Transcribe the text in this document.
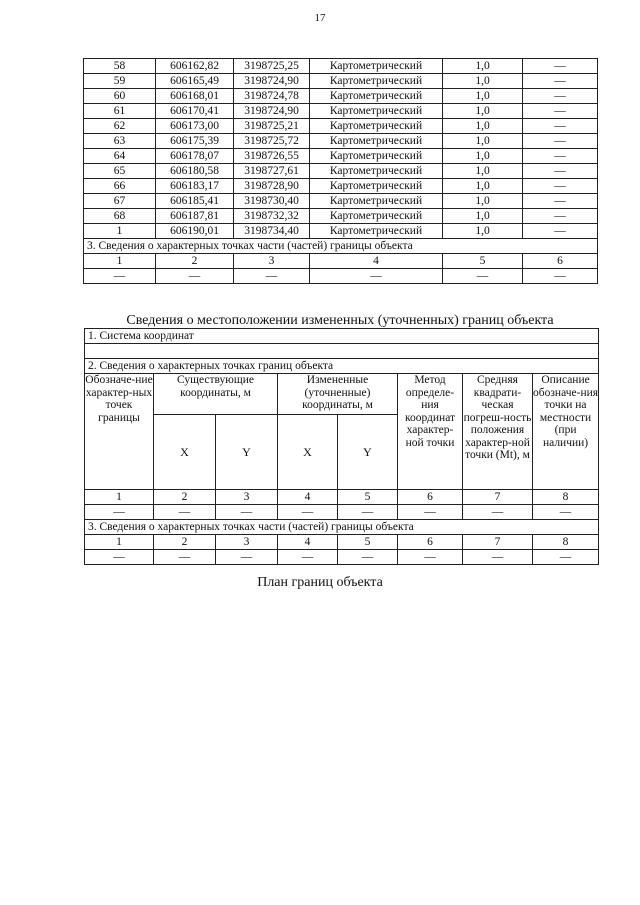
17
58	606162,82	3198725,25	Картометрический	1,0	—
59	606165,49	3198724,90	Картометрический	1,0	—
60	606168,01	3198724,78	Картометрический	1,0	—
61	606170,41	3198724,90	Картометрический	1,0	—
62	606173,00	3198725,21	Картометрический	1,0	—
63	606175,39	3198725,72	Картометрический	1,0	—
64	606178,07	3198726,55	Картометрический	1,0	—
65	606180,58	3198727,61	Картометрический	1,0	—
66	606183,17	3198728,90	Картометрический	1,0	—
67	606185,41	3198730,40	Картометрический	1,0	—
68	606187,81	3198732,32	Картометрический	1,0	—
1	606190,01	3198734,40	Картометрический	1,0	—
3. Сведения о характерных точках части (частей) границы объекта					
1	2	3	4	5	6
—	—	—	—	—	—
Сведения о местоположении измененных (уточненных) границ объекта
1. Система координат							

2. Сведения о характерных точках границ объекта							
Обозначе-ние характер-ных точек границы	Существующие координаты, м		Измененные (уточненные) координаты, м		Метод определе-ния координат характер-ной точки	Средняя квадрати-ческая погреш-ность положения характер-ной точки (Mt), м	Описание обозначе-ния точки на местности (при наличии)
	X	Y	X	Y			
1	2	3	4	5	6	7	8
—	—	—	—	—	—	—	—
3. Сведения о характерных точках части (частей) границы объекта							
1	2	3	4	5	6	7	8
—	—	—	—	—	—	—	—
План границ объекта
